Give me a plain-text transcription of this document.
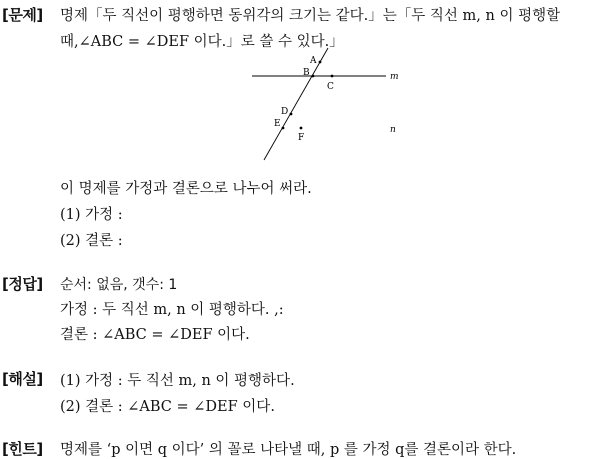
[문제] 명제「두 직선이 평행하면 동위각의 크기는 같다.」는「두 직선 m, n 이 평행할
때,∠ABC = ∠DEF 이다.」로 쓸 수 있다.」
A
B
C
D
E
F
m
n
이 명제를 가정과 결론으로 나누어 써라.
(1) 가정 :
(2) 결론 :
[정답] 순서: 없음, 갯수: 1
가정 : 두 직선 m, n 이 평행하다. ,:
결론 : ∠ABC = ∠DEF 이다.
[해설] (1) 가정 : 두 직선 m, n 이 평행하다.
(2) 결론 : ∠ABC = ∠DEF 이다.
[힌트] 명제를 ‘p 이면 q 이다’ 의 꼴로 나타낼 때, p 를 가정 q를 결론이라 한다.
